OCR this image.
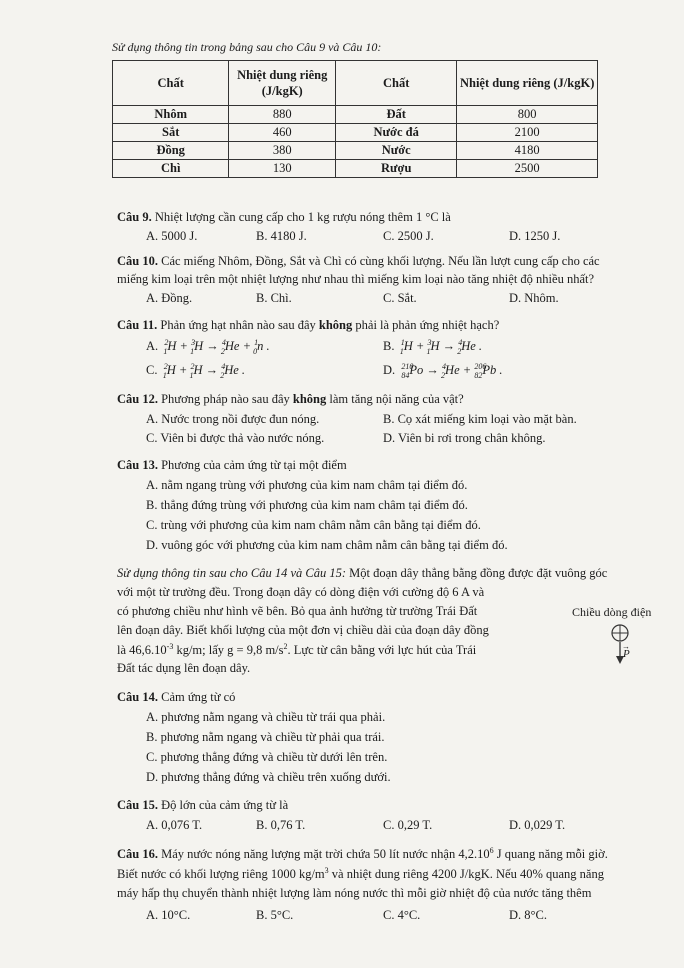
Sử dụng thông tin trong bảng sau cho Câu 9 và Câu 10:
Chất	Nhiệt dung riêng (J/kgK)	Chất	Nhiệt dung riêng (J/kgK)
Nhôm	880	Đất	800
Sắt	460	Nước đá	2100
Đồng	380	Nước	4180
Chì	130	Rượu	2500
Câu 9. Nhiệt lượng cần cung cấp cho 1 kg rượu nóng thêm 1 °C là
A. 5000 J.	B. 4180 J.	C. 2500 J.	D. 1250 J.
Câu 10. Các miếng Nhôm, Đồng, Sắt và Chì có cùng khối lượng. Nếu lần lượt cung cấp cho các
miếng kim loại trên một nhiệt lượng như nhau thì miếng kim loại nào tăng nhiệt độ nhiều nhất?
A. Đồng.	B. Chì.	C. Sắt.	D. Nhôm.
Câu 11. Phản ứng hạt nhân nào sau đây không phải là phản ứng nhiệt hạch?
A. $^2_1$H + $^3_1$H → $^4_2$He + $^1_0$n .	B. $^1_1$H + $^3_1$H → $^4_2$He .
C. $^2_1$H + $^2_1$H → $^4_2$He .	D. $^{210}_{84}$Po → $^4_2$He + $^{206}_{82}$Pb .
Câu 12. Phương pháp nào sau đây không làm tăng nội năng của vật?
A. Nước trong nồi được đun nóng.	B. Cọ xát miếng kim loại vào mặt bàn.
C. Viên bi được thả vào nước nóng.	D. Viên bi rơi trong chân không.
Câu 13. Phương của cảm ứng từ tại một điểm
A. nằm ngang trùng với phương của kim nam châm tại điểm đó.
B. thẳng đứng trùng với phương của kim nam châm tại điểm đó.
C. trùng với phương của kim nam châm nằm cân bằng tại điểm đó.
D. vuông góc với phương của kim nam châm nằm cân bằng tại điểm đó.
Sử dụng thông tin sau cho Câu 14 và Câu 15: Một đoạn dây thẳng bằng đồng được đặt vuông góc
với một từ trường đều. Trong đoạn dây có dòng điện với cường độ 6 A và
có phương chiều như hình vẽ bên. Bỏ qua ảnh hưởng từ trường Trái Đất
lên đoạn dây. Biết khối lượng của một đơn vị chiều dài của đoạn dây đồng
là $46,6.10^{-3}$ kg/m; lấy g = 9,8 $m/s^2$. Lực từ cân bằng với lực hút của Trái
Đất tác dụng lên đoạn dây.
Chiều dòng điện
P
→
Câu 14. Cảm ứng từ có
A. phương nằm ngang và chiều từ trái qua phải.
B. phương nằm ngang và chiều từ phải qua trái.
C. phương thẳng đứng và chiều từ dưới lên trên.
D. phương thẳng đứng và chiều trên xuống dưới.
Câu 15. Độ lớn của cảm ứng từ là
A. 0,076 T.	B. 0,76 T.	C. 0,29 T.	D. 0,029 T.
Câu 16. Máy nước nóng năng lượng mặt trời chứa 50 lít nước nhận 4,2.10$^6$ J quang năng mỗi giờ.
Biết nước có khối lượng riêng 1000 $kg/m^3$ và nhiệt dung riêng 4200 J/kgK. Nếu 40% quang năng
máy hấp thụ chuyển thành nhiệt lượng làm nóng nước thì mỗi giờ nhiệt độ của nước tăng thêm
A. 10°C.	B. 5°C.	C. 4°C.	D. 8°C.
